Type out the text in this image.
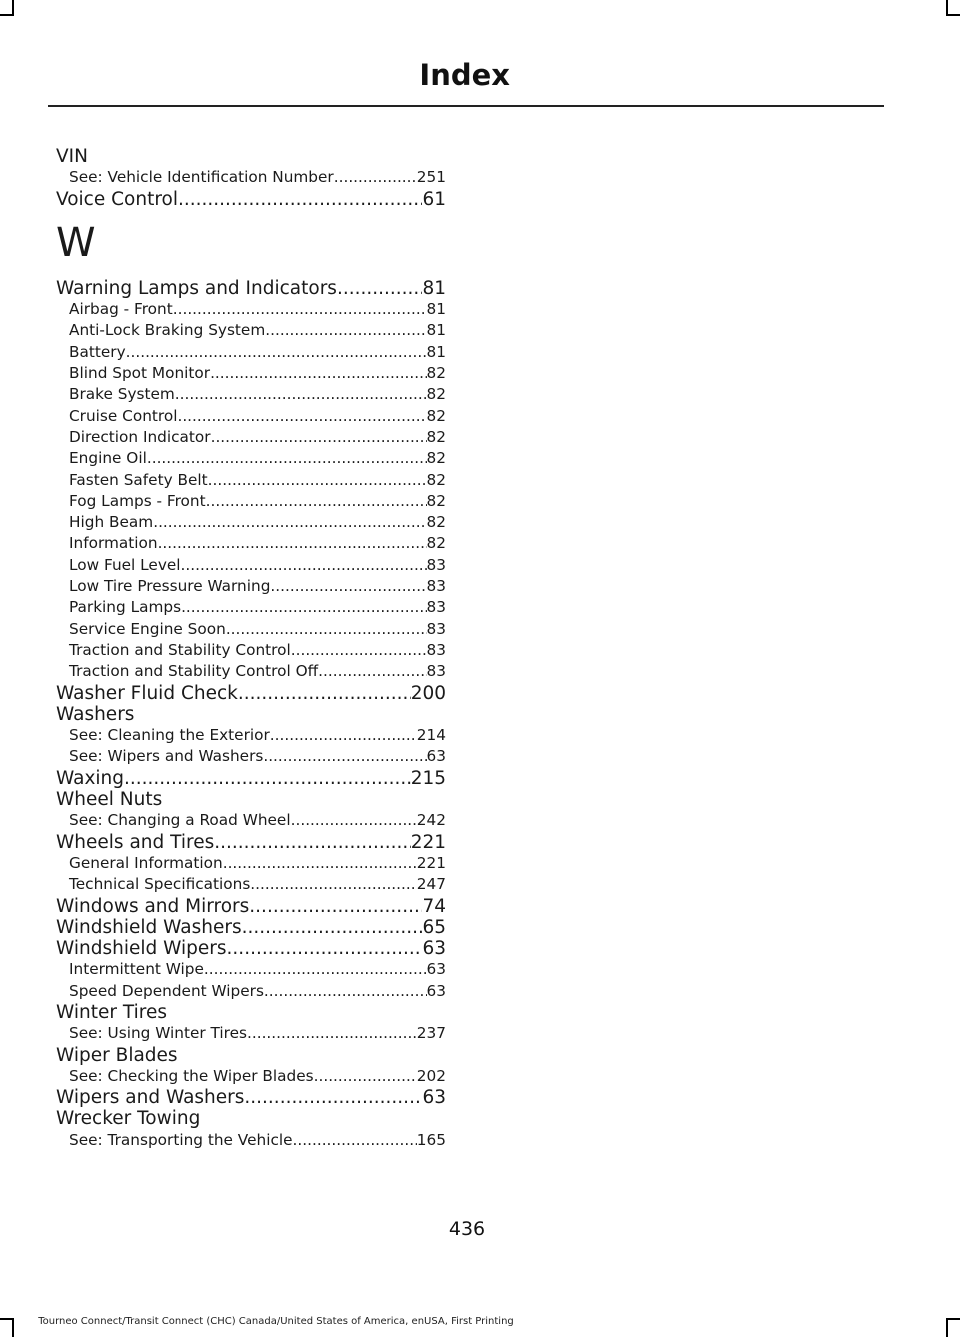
Index
VIN
See: Vehicle Identification Number .....	251
Voice Control .....	61
W
Warning Lamps and Indicators .....	81
Airbag - Front .....	81
Anti-Lock Braking System .....	81
Battery .....	81
Blind Spot Monitor .....	82
Brake System .....	82
Cruise Control .....	82
Direction Indicator .....	82
Engine Oil .....	82
Fasten Safety Belt .....	82
Fog Lamps - Front .....	82
High Beam .....	82
Information .....	82
Low Fuel Level .....	83
Low Tire Pressure Warning .....	83
Parking Lamps .....	83
Service Engine Soon .....	83
Traction and Stability Control .....	83
Traction and Stability Control Off .....	83
Washer Fluid Check .....	200
Washers
See: Cleaning the Exterior .....	214
See: Wipers and Washers .....	63
Waxing .....	215
Wheel Nuts
See: Changing a Road Wheel .....	242
Wheels and Tires .....	221
General Information .....	221
Technical Specifications .....	247
Windows and Mirrors .....	74
Windshield Washers .....	65
Windshield Wipers .....	63
Intermittent Wipe .....	63
Speed Dependent Wipers .....	63
Winter Tires
See: Using Winter Tires .....	237
Wiper Blades
See: Checking the Wiper Blades .....	202
Wipers and Washers .....	63
Wrecker Towing
See: Transporting the Vehicle .....	165
436
Tourneo Connect/Transit Connect (CHC) Canada/United States of America, enUSA, First Printing
